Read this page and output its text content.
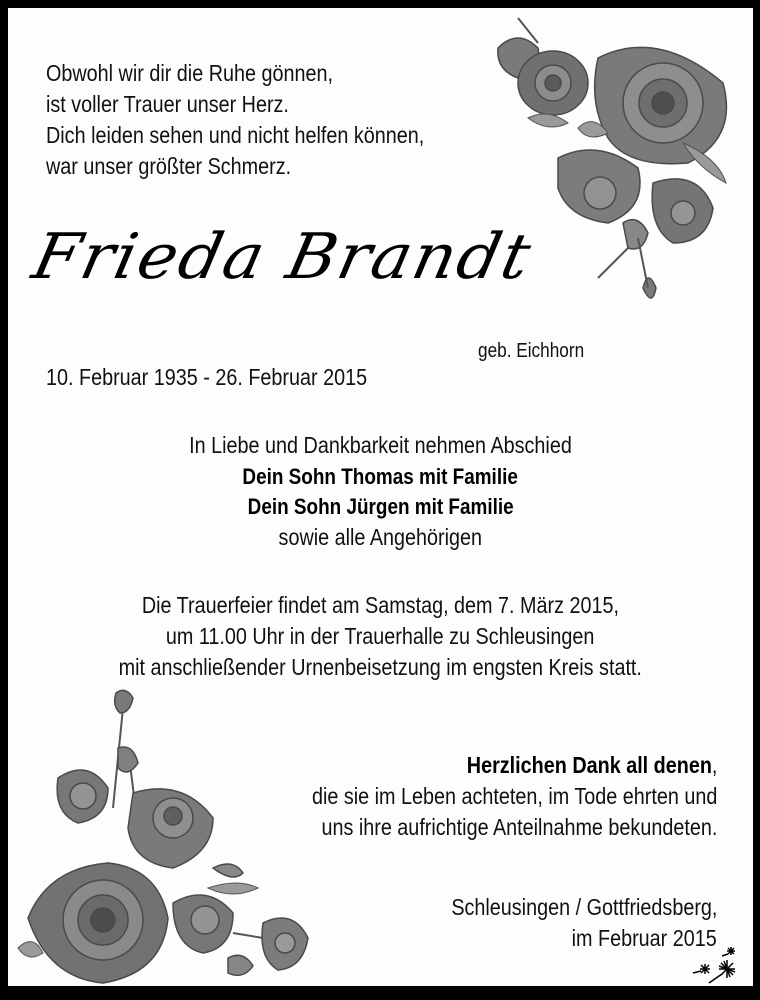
Obwohl wir dir die Ruhe gönnen,
ist voller Trauer unser Herz.
Dich leiden sehen und nicht helfen können,
war unser größter Schmerz.
Frieda Brandt
geb. Eichhorn
10. Februar 1935 - 26. Februar 2015
In Liebe und Dankbarkeit nehmen Abschied
Dein Sohn Thomas mit Familie
Dein Sohn Jürgen mit Familie
sowie alle Angehörigen
Die Trauerfeier findet am Samstag, dem 7. März 2015,
um 11.00 Uhr in der Trauerhalle zu Schleusingen
mit anschließender Urnenbeisetzung im engsten Kreis statt.
Herzlichen Dank all denen,
die sie im Leben achteten, im Tode ehrten und
uns ihre aufrichtige Anteilnahme bekundeten.
Schleusingen / Gottfriedsberg,
im Februar 2015
